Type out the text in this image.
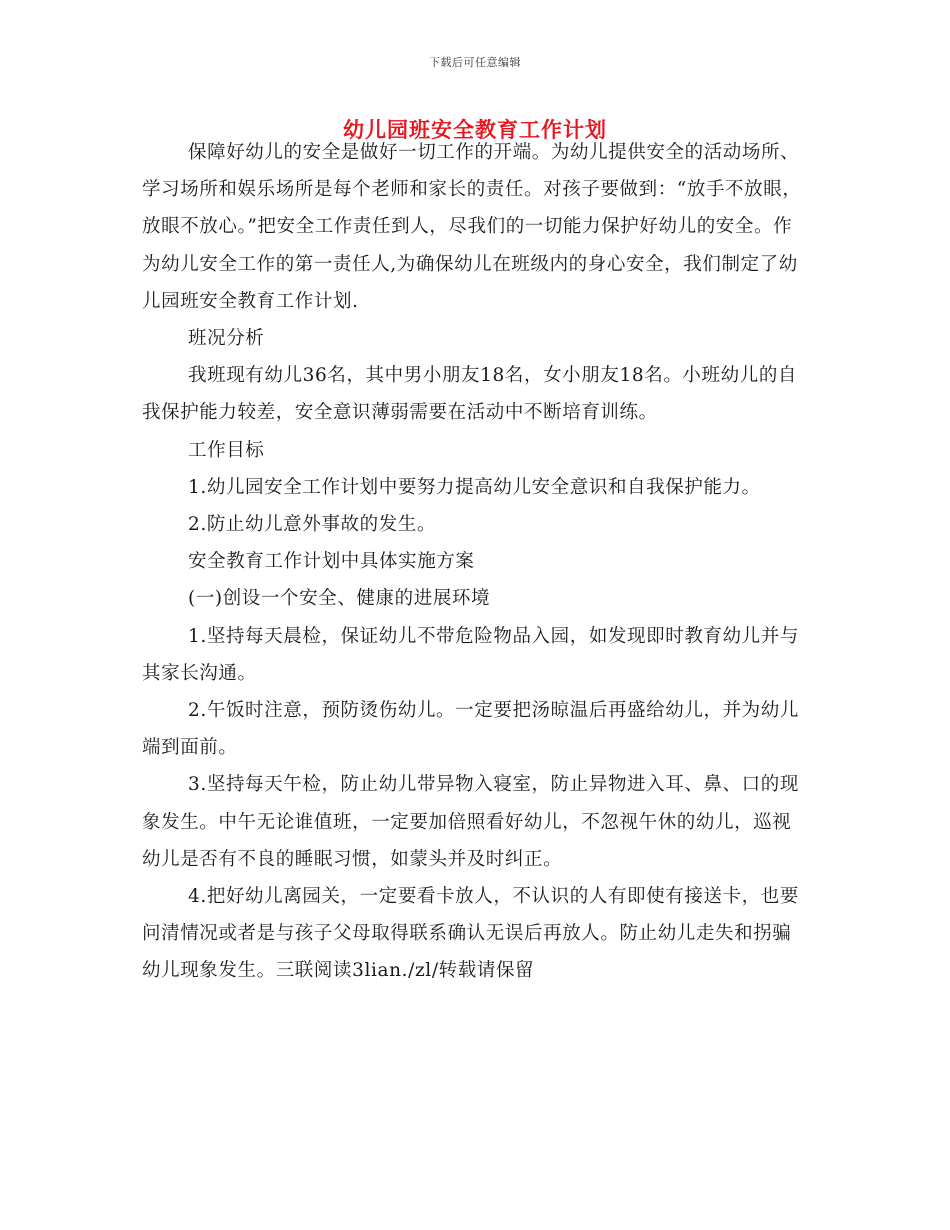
下载后可任意编辑
幼儿园班安全教育工作计划

保障好幼儿的安全是做好一切工作的开端。为幼儿提供安全的活动场所、学习场所和娱乐场所是每个老师和家长的责任。对孩子要做到：“放手不放眼，放眼不放心。”把安全工作责任到人，尽我们的一切能力保护好幼儿的安全。作为幼儿安全工作的第一责任人,为确保幼儿在班级内的身心安全，我们制定了幼儿园班安全教育工作计划.

班况分析

我班现有幼儿36名，其中男小朋友18名，女小朋友18名。小班幼儿的自我保护能力较差，安全意识薄弱需要在活动中不断培育训练。

工作目标

1.幼儿园安全工作计划中要努力提高幼儿安全意识和自我保护能力。

2.防止幼儿意外事故的发生。

安全教育工作计划中具体实施方案

(一)创设一个安全、健康的进展环境

1.坚持每天晨检，保证幼儿不带危险物品入园，如发现即时教育幼儿并与其家长沟通。

2.午饭时注意，预防烫伤幼儿。一定要把汤晾温后再盛给幼儿，并为幼儿端到面前。

3.坚持每天午检，防止幼儿带异物入寝室，防止异物进入耳、鼻、口的现象发生。中午无论谁值班，一定要加倍照看好幼儿，不忽视午休的幼儿，巡视幼儿是否有不良的睡眠习惯，如蒙头并及时纠正。

4.把好幼儿离园关，一定要看卡放人，不认识的人有即使有接送卡，也要问清情况或者是与孩子父母取得联系确认无误后再放人。防止幼儿走失和拐骗幼儿现象发生。三联阅读3lian./zl/转载请保留
